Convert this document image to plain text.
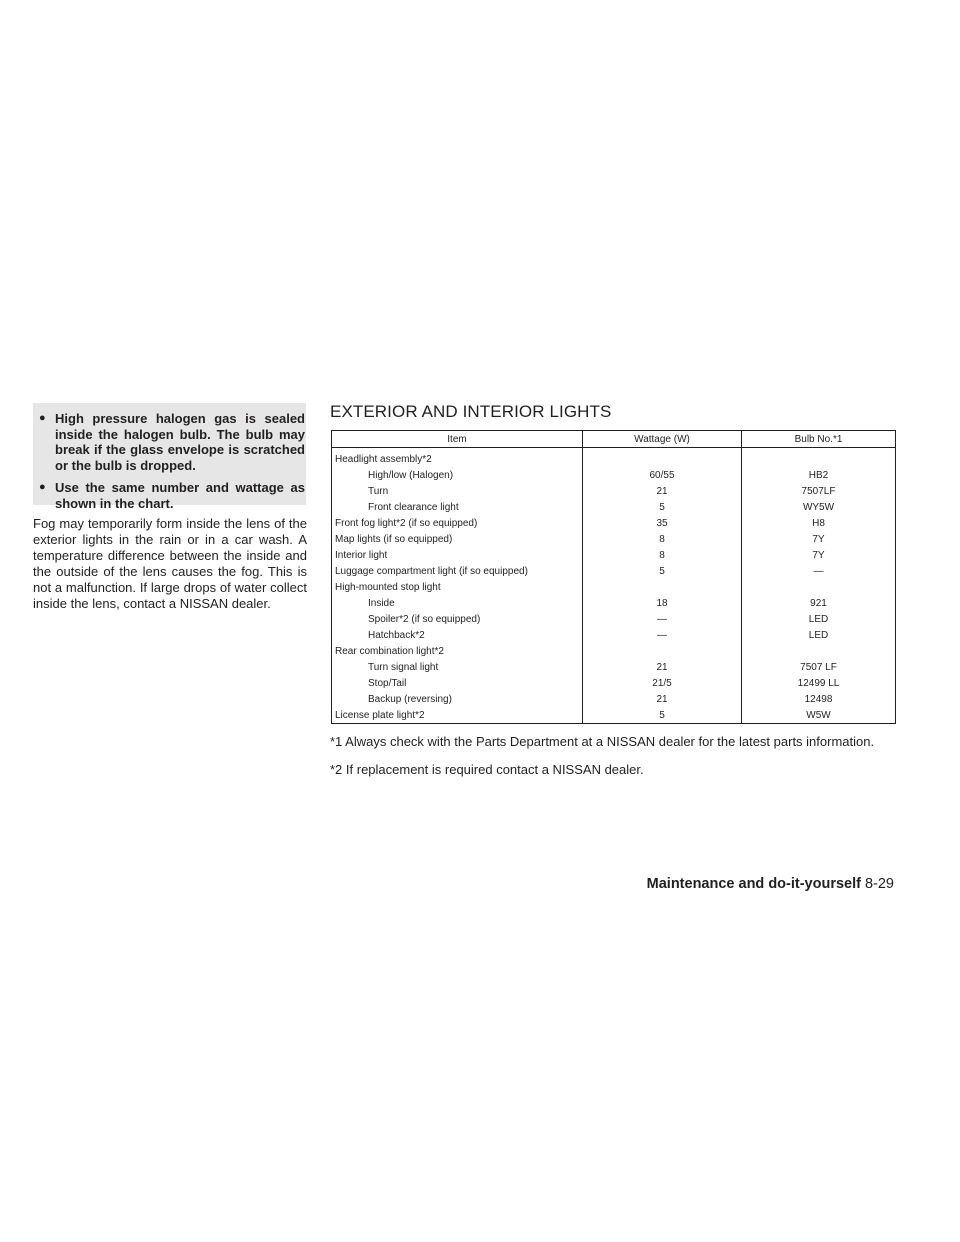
● High pressure halogen gas is sealed inside the halogen bulb. The bulb may break if the glass envelope is scratched or the bulb is dropped.
● Use the same number and wattage as shown in the chart.

Fog may temporarily form inside the lens of the exterior lights in the rain or in a car wash. A temperature difference between the inside and the outside of the lens causes the fog. This is not a malfunction. If large drops of water collect inside the lens, contact a NISSAN dealer.

EXTERIOR AND INTERIOR LIGHTS
Item	Wattage (W)	Bulb No.*1
Headlight assembly*2		
High/low (Halogen)	60/55	HB2
Turn	21	7507LF
Front clearance light	5	WY5W
Front fog light*2 (if so equipped)	35	H8
Map lights (if so equipped)	8	7Y
Interior light	8	7Y
Luggage compartment light (if so equipped)	5	—
High-mounted stop light		
Inside	18	921
Spoiler*2 (if so equipped)	—	LED
Hatchback*2	—	LED
Rear combination light*2		
Turn signal light	21	7507 LF
Stop/Tail	21/5	12499 LL
Backup (reversing)	21	12498
License plate light*2	5	W5W

*1 Always check with the Parts Department at a NISSAN dealer for the latest parts information.

*2 If replacement is required contact a NISSAN dealer.

Maintenance and do-it-yourself 8-29
